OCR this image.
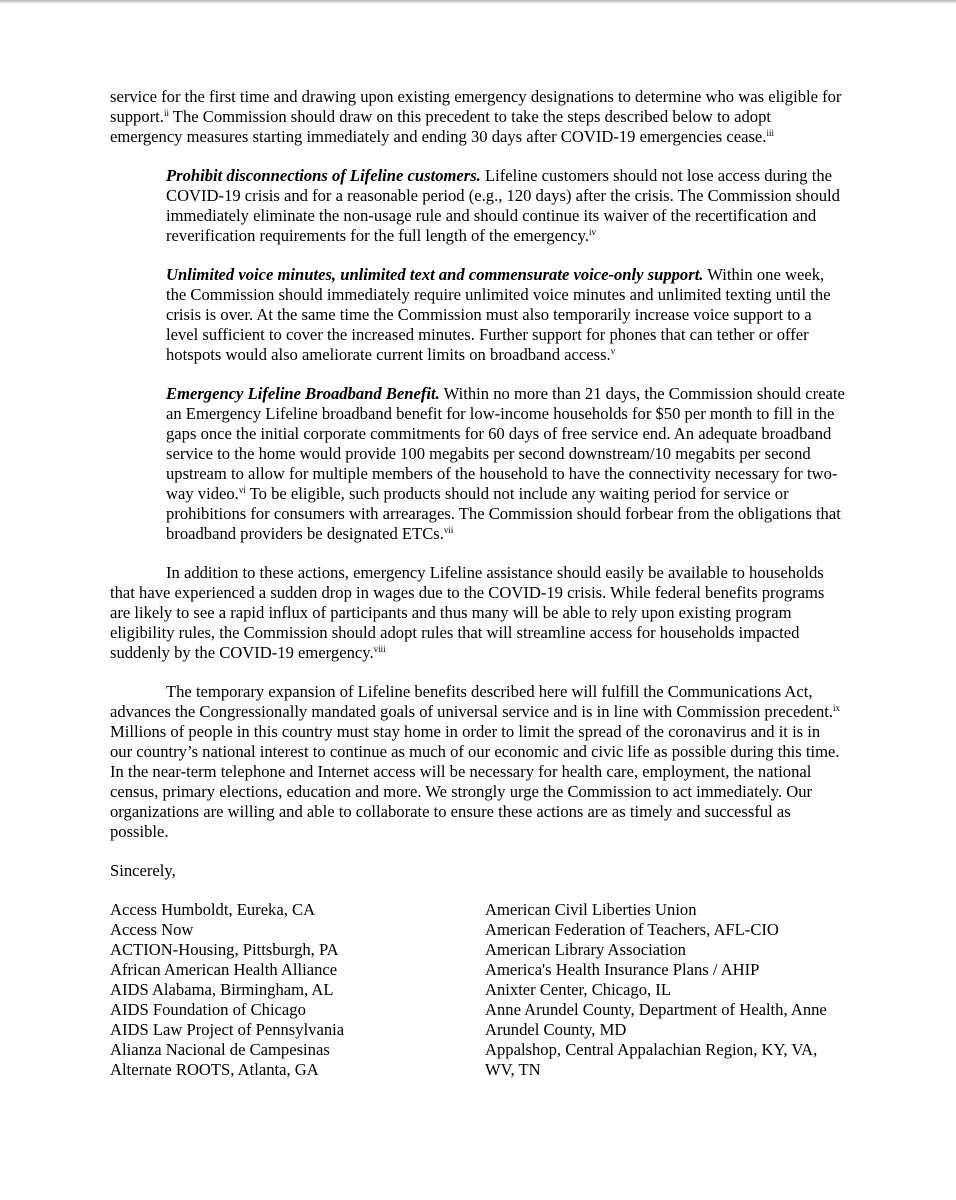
service for the first time and drawing upon existing emergency designations to determine who was eligible for support.$^{ii}$ The Commission should draw on this precedent to take the steps described below to adopt emergency measures starting immediately and ending 30 days after COVID-19 emergencies cease.$^{iii}$

Prohibit disconnections of Lifeline customers. Lifeline customers should not lose access during the COVID-19 crisis and for a reasonable period (e.g., 120 days) after the crisis. The Commission should immediately eliminate the non-usage rule and should continue its waiver of the recertification and reverification requirements for the full length of the emergency.$^{iv}$

Unlimited voice minutes, unlimited text and commensurate voice-only support. Within one week, the Commission should immediately require unlimited voice minutes and unlimited texting until the crisis is over. At the same time the Commission must also temporarily increase voice support to a level sufficient to cover the increased minutes. Further support for phones that can tether or offer hotspots would also ameliorate current limits on broadband access.$^v$

Emergency Lifeline Broadband Benefit. Within no more than 21 days, the Commission should create an Emergency Lifeline broadband benefit for low-income households for $50 per month to fill in the gaps once the initial corporate commitments for 60 days of free service end. An adequate broadband service to the home would provide 100 megabits per second downstream/10 megabits per second upstream to allow for multiple members of the household to have the connectivity necessary for two-way video.$^{vi}$ To be eligible, such products should not include any waiting period for service or prohibitions for consumers with arrearages. The Commission should forbear from the obligations that broadband providers be designated ETCs.$^{vii}$

In addition to these actions, emergency Lifeline assistance should easily be available to households that have experienced a sudden drop in wages due to the COVID-19 crisis. While federal benefits programs are likely to see a rapid influx of participants and thus many will be able to rely upon existing program eligibility rules, the Commission should adopt rules that will streamline access for households impacted suddenly by the COVID-19 emergency.$^{viii}$

The temporary expansion of Lifeline benefits described here will fulfill the Communications Act, advances the Congressionally mandated goals of universal service and is in line with Commission precedent.$^{ix}$ Millions of people in this country must stay home in order to limit the spread of the coronavirus and it is in our country’s national interest to continue as much of our economic and civic life as possible during this time. In the near-term telephone and Internet access will be necessary for health care, employment, the national census, primary elections, education and more. We strongly urge the Commission to act immediately. Our organizations are willing and able to collaborate to ensure these actions are as timely and successful as possible.

Sincerely,

Access Humboldt, Eureka, CA
Access Now
ACTION-Housing, Pittsburgh, PA
African American Health Alliance
AIDS Alabama, Birmingham, AL
AIDS Foundation of Chicago
AIDS Law Project of Pennsylvania
Alianza Nacional de Campesinas
Alternate ROOTS, Atlanta, GA
American Civil Liberties Union
American Federation of Teachers, AFL-CIO
American Library Association
America's Health Insurance Plans / AHIP
Anixter Center, Chicago, IL
Anne Arundel County, Department of Health, Anne Arundel County, MD
Appalshop, Central Appalachian Region, KY, VA, WV, TN
